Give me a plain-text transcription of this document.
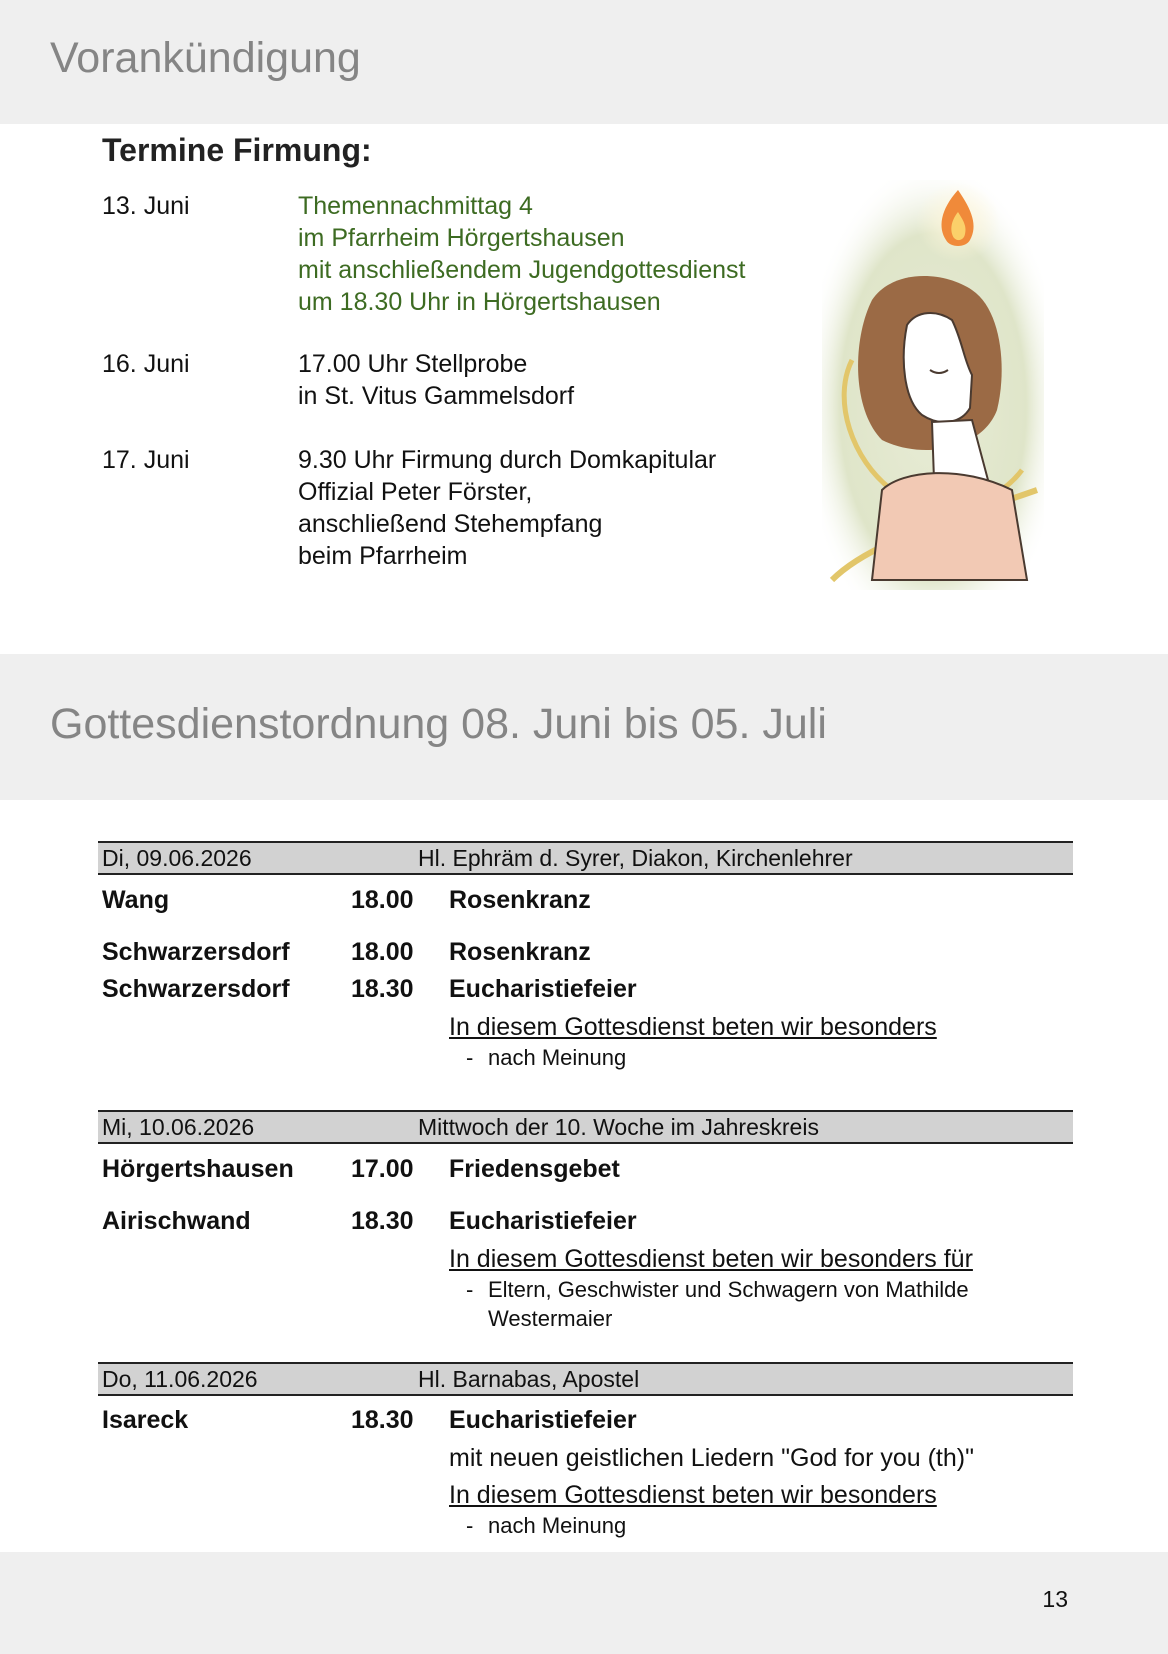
Vorankündigung
Termine Firmung:
13. Juni	Themennachmittag 4
im Pfarrheim Hörgertshausen
mit anschließendem Jugendgottesdienst
um 18.30 Uhr in Hörgertshausen
16. Juni	17.00 Uhr Stellprobe
in St. Vitus Gammelsdorf
17. Juni	9.30 Uhr Firmung durch Domkapitular
Offizial Peter Förster,
anschließend Stehempfang
beim Pfarrheim
Gottesdienstordnung 08. Juni bis 05. Juli
Di, 09.06.2026	Hl. Ephräm d. Syrer, Diakon, Kirchenlehrer
Wang	18.00 Rosenkranz
Schwarzersdorf 18.00 Rosenkranz
Schwarzersdorf 18.30 Eucharistiefeier
In diesem Gottesdienst beten wir besonders
- nach Meinung
Mi, 10.06.2026	Mittwoch der 10. Woche im Jahreskreis
Hörgertshausen 17.00 Friedensgebet
Airischwand	18.30 Eucharistiefeier
In diesem Gottesdienst beten wir besonders für
- Eltern, Geschwister und Schwagern von Mathilde
Westermaier
Do, 11.06.2026	Hl. Barnabas, Apostel
Isareck	18.30 Eucharistiefeier
mit neuen geistlichen Liedern "God for you (th)"
In diesem Gottesdienst beten wir besonders
- nach Meinung
13
